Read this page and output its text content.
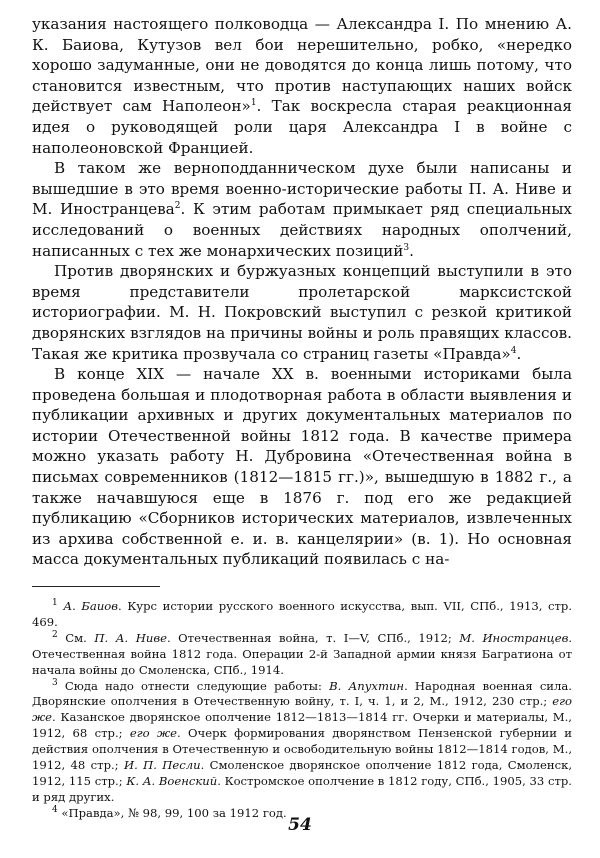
указания настоящего полководца — Александра I. По мнению А. К. Баиова, Кутузов вел бои нерешительно, робко, «нередко хорошо задуманные, они не доводятся до конца лишь потому, что становится известным, что против наступающих наших войск действует сам Наполеон»$^1$. Так воскресла старая реакционная идея о руководящей роли царя Александра I в войне с наполеоновской Францией.

В таком же верноподданническом духе были написаны и вышедшие в это время военно-исторические работы П. А. Ниве и М. Иностранцева$^2$. К этим работам примыкает ряд специальных исследований о военных действиях народных ополчений, написанных с тех же монархических позиций$^3$.

Против дворянских и буржуазных концепций выступили в это время представители пролетарской марксистской историографии. М. Н. Покровский выступил с резкой критикой дворянских взглядов на причины войны и роль правящих классов. Такая же критика прозвучала со страниц газеты «Правда»$^4$.

В конце XIX — начале XX в. военными историками была проведена большая и плодотворная работа в области выявления и публикации архивных и других документальных материалов по истории Отечественной войны 1812 года. В качестве примера можно указать работу Н. Дубровина «Отечественная война в письмах современников (1812—1815 гг.)», вышедшую в 1882 г., а также начавшуюся еще в 1876 г. под его же редакцией публикацию «Сборников исторических материалов, извлеченных из архива собственной е. и. в. канцелярии» (в. 1). Но основная масса документальных публикаций появилась с на-

$^1$ А. Баиов. Курс истории русского военного искусства, вып. VII, СПб., 1913, стр. 469.

$^2$ См. П. А. Ниве. Отечественная война, т. I—V, СПб., 1912; М. Иностранцев. Отечественная война 1812 года. Операции 2-й Западной армии князя Багратиона от начала войны до Смоленска, СПб., 1914.

$^3$ Сюда надо отнести следующие работы: В. Апухтин. Народная военная сила. Дворянские ополчения в Отечественную войну, т. I, ч. 1, и 2, М., 1912, 230 стр.; его же. Казанское дворянское ополчение 1812—1813—1814 гг. Очерки и материалы, М., 1912, 68 стр.; его же. Очерк формирования дворянством Пензенской губернии и действия ополчения в Отечественную и освободительную войны 1812—1814 годов, М., 1912, 48 стр.; И. П. Песли. Смоленское дворянское ополчение 1812 года, Смоленск, 1912, 115 стр.; К. А. Военский. Костромское ополчение в 1812 году, СПб., 1905, 33 стр. и ряд других.

$^4$ «Правда», № 98, 99, 100 за 1912 год.

54
